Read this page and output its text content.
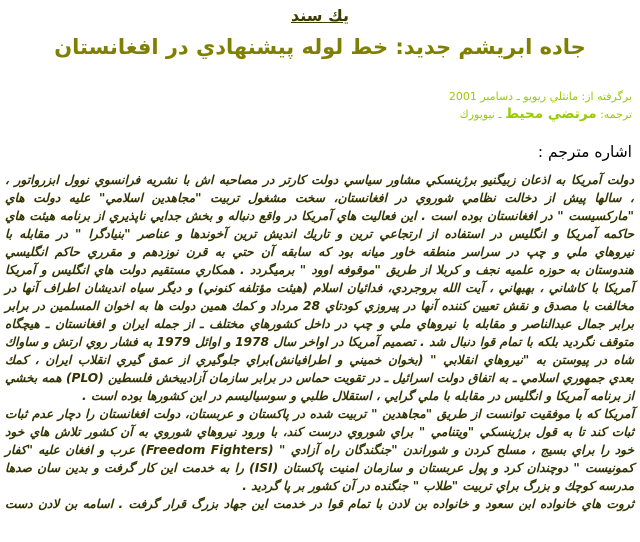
يك سند
جاده ابريشم جديد: خط لوله پيشنهادي در افغانستان
برگرفته از: مانثلي ريويو ـ دسامبر 2001
ترجمه: مرتضي محيط ـ نيويورك
اشاره مترجم :
دولت آمريكا به اذعان زبيگنيو برژينسكي مشاور سياسي دولت كارتر در مصاحبه اش با نشريه فرانسوي نوول ابزرواتور ،
، سالها پيش از دخالت نظامي شوروي در افغانستان، سخت مشغول تربيت "مجاهدين اسلامي" عليه دولت هاي
"ماركسيست " در افغانستان بوده است . اين فعاليت هاي آمريكا در واقع دنباله و بخش جدايي ناپذيري از برنامه هيئت هاي
حاكمه آمريكا و انگليس در استفاده از ارتجاعي ترين و تاريك انديش ترين آخوندها و عناصر "بنيادگرا " در مقابله با
نيروهاي ملي و چپ در سراسر منطقه خاور ميانه بود كه سابقه آن حتي به قرن نوزدهم و مقرري حاكم انگليسي
هندوستان به حوزه علميه نجف و كربلا از طريق "موقوفه اوود " برميگردد . همكاري مستقيم دولت هاي انگليس و آمريكا
آمريكا با كاشاني ، بهبهاني ، آيت الله بروجردي، فدائيان اسلام (هيئت مؤتلفه كنوني) و ديگر سياه انديشان اطراف آنها در
مخالفت با مصدق و نقش تعيين كننده آنها در پيروزي كودتاي 28 مرداد و كمك همين دولت ها به اخوان المسلمين در برابر
برابر جمال عبدالناصر و مقابله با نيروهاي ملي و چپ در داخل كشورهاي مختلف ـ از جمله ايران و افغانستان ـ هيچگاه
متوقف نگرديد بلكه با تمام قوا دنبال شد . تصميم آمريكا در اواخر سال 1978 و اوائل 1979 به فشار روي ارتش و ساواك
شاه در پيوستن به "نيروهاي انقلابي " (بخوان خميني و اطرافيانش)براي جلوگيري از عمق گيري انقلاب ايران ، كمك
بعدي جمهوري اسلامي ـ به اتفاق دولت اسرائيل ـ در تقويت حماس در برابر سازمان آزاديبخش فلسطين (PLO) همه بخشي
از برنامه آمريكا و انگليس در مقابله با ملي گرايي ، استقلال طلبي و سوسياليسم در اين كشورها بوده است .
آمريكا كه با موفقيت توانست از طريق "مجاهدين " تربيت شده در پاكستان و عربستان، دولت افغانستان را دچار عدم ثبات
ثبات كند تا به قول برژينسكي "ويتنامي " براي شوروي درست كند، با ورود نيروهاي شوروي به آن كشور تلاش هاي خود
خود را براي بسيج ، مسلح كردن و شوراندن "جنگندگان راه آزادي " (Freedom Fighters) عرب و افغان عليه "كفار
كمونيست " دوچندان كرد و پول عربستان و سازمان امنيت پاكستان (ISI) را به خدمت اين كار گرفت و بدين سان صدها
مدرسه كوچك و بزرگ براي تربيت "طلاب " جنگنده در آن كشور بر پا گرديد .
ثروت هاي خانواده ابن سعود و خانواده بن لادن با تمام قوا در خدمت اين جهاد بزرگ قرار گرفت . اسامه بن لادن دست
